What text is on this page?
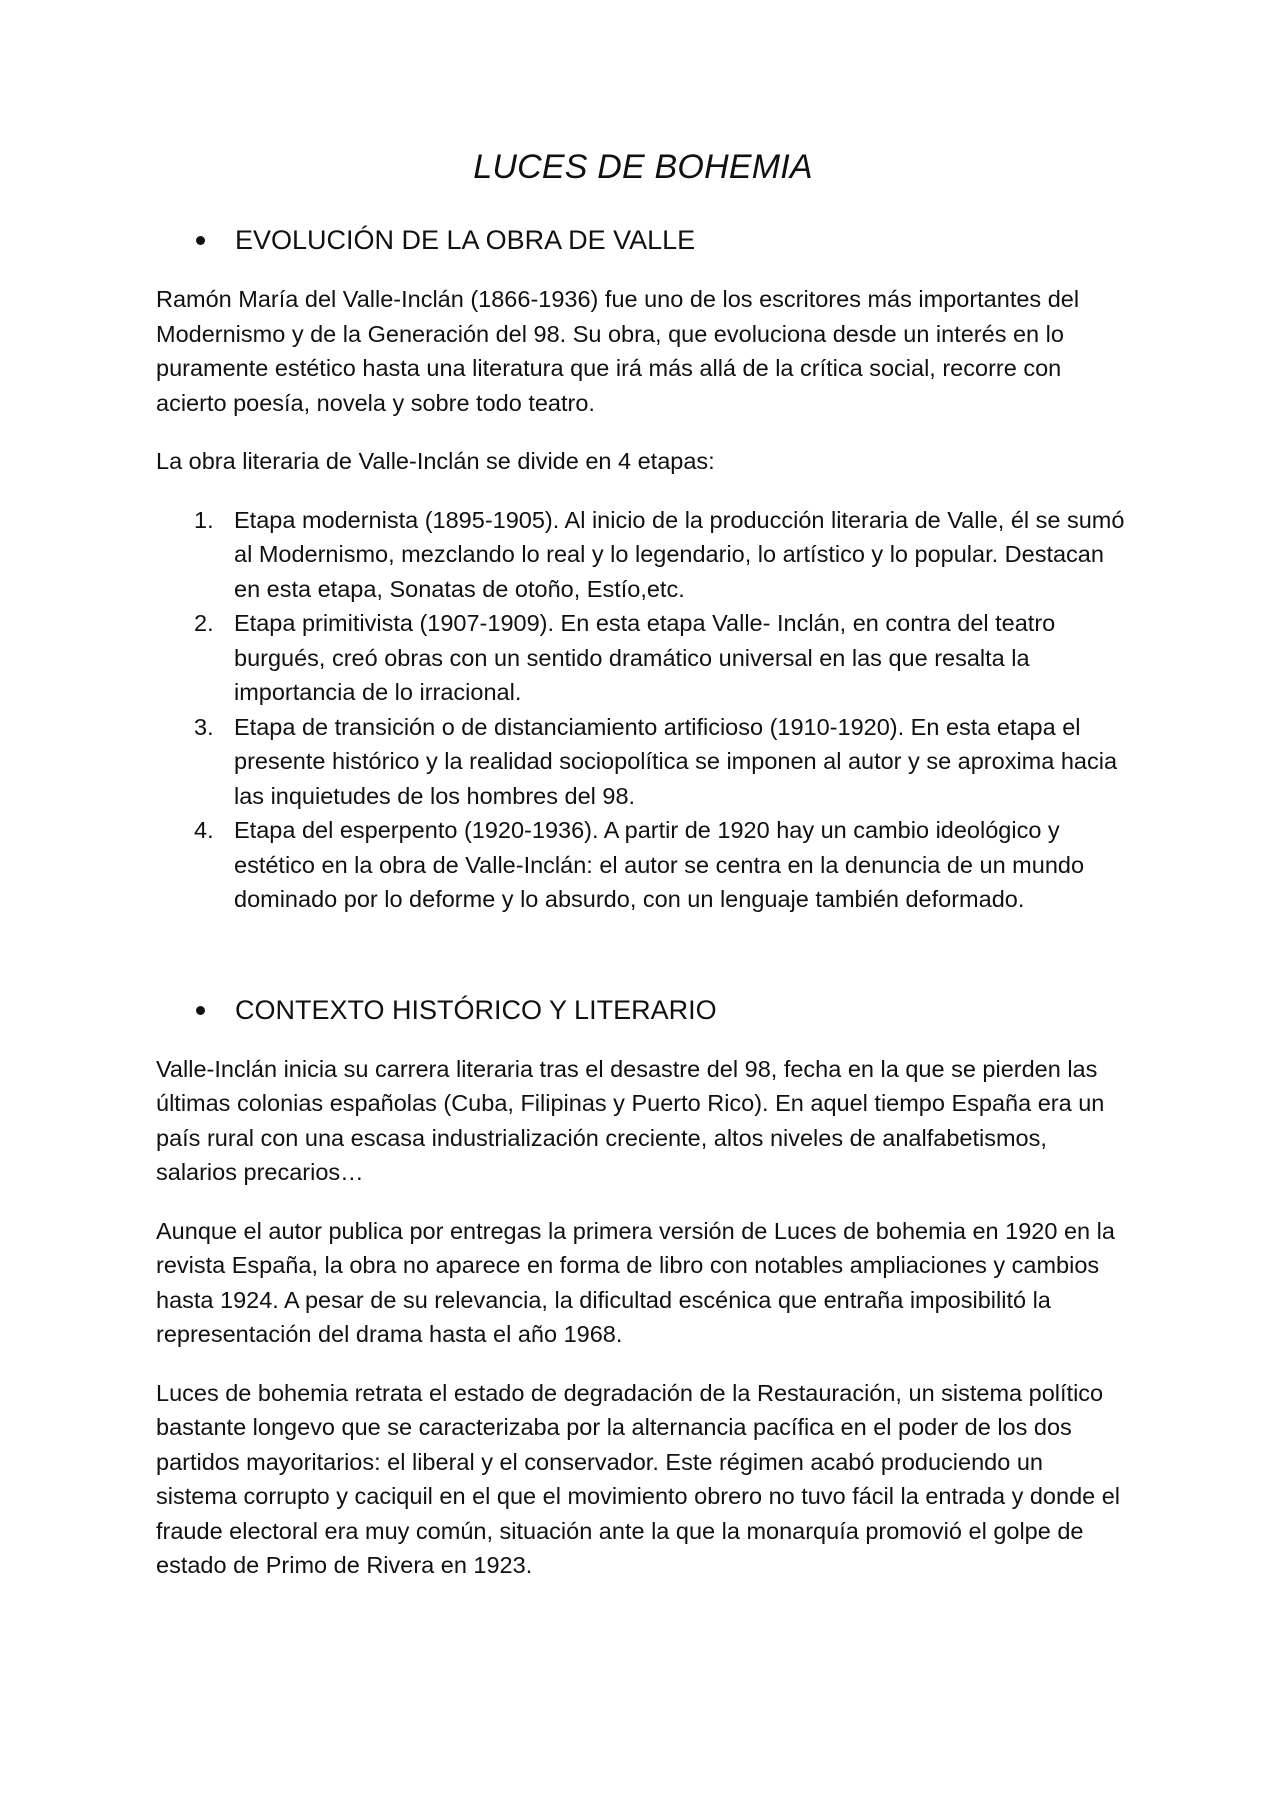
LUCES DE BOHEMIA
EVOLUCIÓN DE LA OBRA DE VALLE

Ramón María del Valle-Inclán (1866-1936) fue uno de los escritores más importantes del Modernismo y de la Generación del 98. Su obra, que evoluciona desde un interés en lo puramente estético hasta una literatura que irá más allá de la crítica social, recorre con acierto poesía, novela y sobre todo teatro.

La obra literaria de Valle-Inclán se divide en 4 etapas:

1. Etapa modernista (1895-1905). Al inicio de la producción literaria de Valle, él se sumó al Modernismo, mezclando lo real y lo legendario, lo artístico y lo popular. Destacan en esta etapa, Sonatas de otoño, Estío,etc.
2. Etapa primitivista (1907-1909). En esta etapa Valle- Inclán, en contra del teatro burgués, creó obras con un sentido dramático universal en las que resalta la importancia de lo irracional.
3. Etapa de transición o de distanciamiento artificioso (1910-1920). En esta etapa el presente histórico y la realidad sociopolítica se imponen al autor y se aproxima hacia las inquietudes de los hombres del 98.
4. Etapa del esperpento (1920-1936). A partir de 1920 hay un cambio ideológico y estético en la obra de Valle-Inclán: el autor se centra en la denuncia de un mundo dominado por lo deforme y lo absurdo, con un lenguaje también deformado.
CONTEXTO HISTÓRICO Y LITERARIO

Valle-Inclán inicia su carrera literaria tras el desastre del 98, fecha en la que se pierden las últimas colonias españolas (Cuba, Filipinas y Puerto Rico). En aquel tiempo España era un país rural con una escasa industrialización creciente, altos niveles de analfabetismos, salarios precarios…

Aunque el autor publica por entregas la primera versión de Luces de bohemia en 1920 en la revista España, la obra no aparece en forma de libro con notables ampliaciones y cambios hasta 1924. A pesar de su relevancia, la dificultad escénica que entraña imposibilitó la representación del drama hasta el año 1968.

Luces de bohemia retrata el estado de degradación de la Restauración, un sistema político bastante longevo que se caracterizaba por la alternancia pacífica en el poder de los dos partidos mayoritarios: el liberal y el conservador. Este régimen acabó produciendo un sistema corrupto y caciquil en el que el movimiento obrero no tuvo fácil la entrada y donde el fraude electoral era muy común, situación ante la que la monarquía promovió el golpe de estado de Primo de Rivera en 1923.
